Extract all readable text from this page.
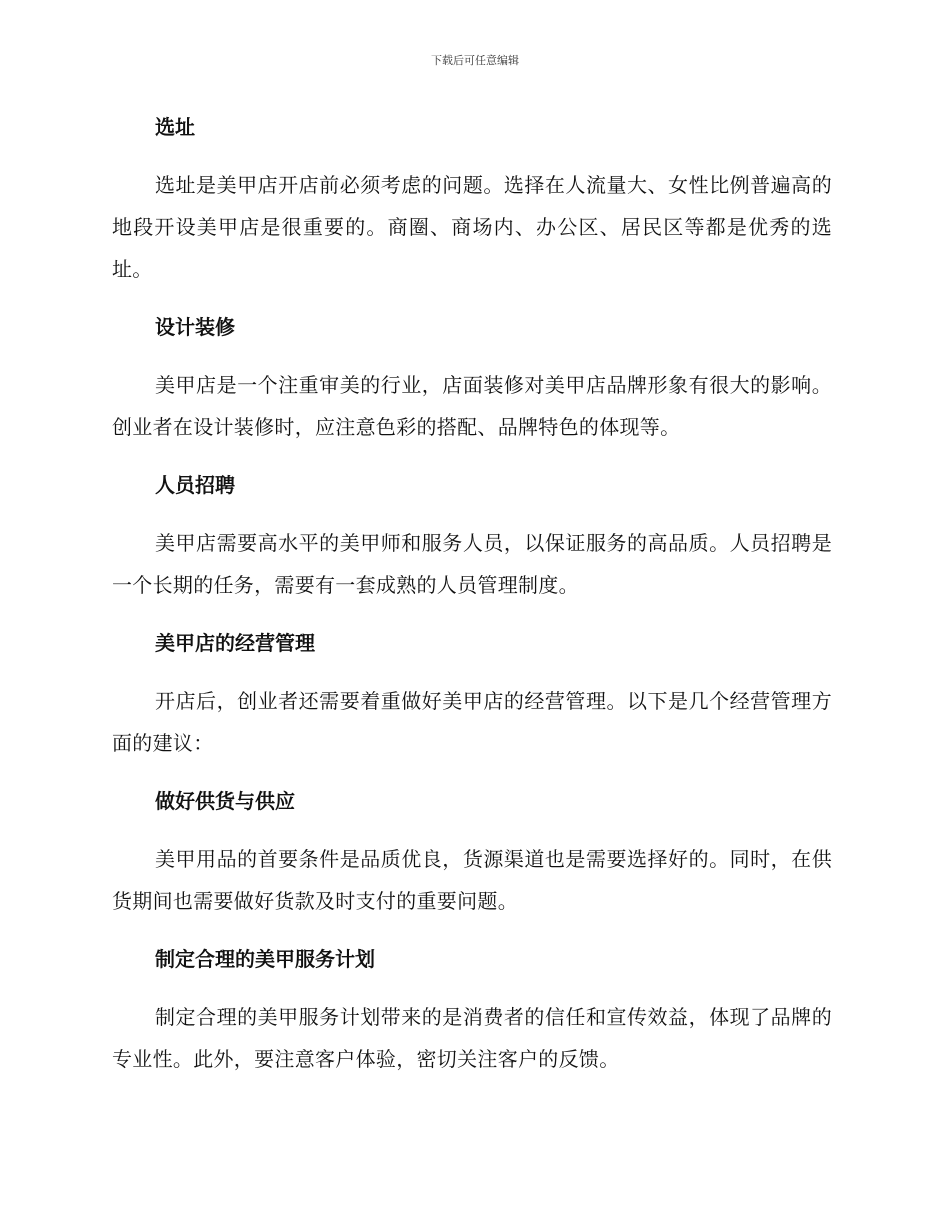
下载后可任意编辑
选址

选址是美甲店开店前必须考虑的问题。选择在人流量大、女性比例普遍高的地段开设美甲店是很重要的。商圈、商场内、办公区、居民区等都是优秀的选址。

设计装修

美甲店是一个注重审美的行业，店面装修对美甲店品牌形象有很大的影响。创业者在设计装修时，应注意色彩的搭配、品牌特色的体现等。

人员招聘

美甲店需要高水平的美甲师和服务人员，以保证服务的高品质。人员招聘是一个长期的任务，需要有一套成熟的人员管理制度。

美甲店的经营管理

开店后，创业者还需要着重做好美甲店的经营管理。以下是几个经营管理方面的建议：

做好供货与供应

美甲用品的首要条件是品质优良，货源渠道也是需要选择好的。同时，在供货期间也需要做好货款及时支付的重要问题。

制定合理的美甲服务计划

制定合理的美甲服务计划带来的是消费者的信任和宣传效益，体现了品牌的专业性。此外，要注意客户体验，密切关注客户的反馈。
